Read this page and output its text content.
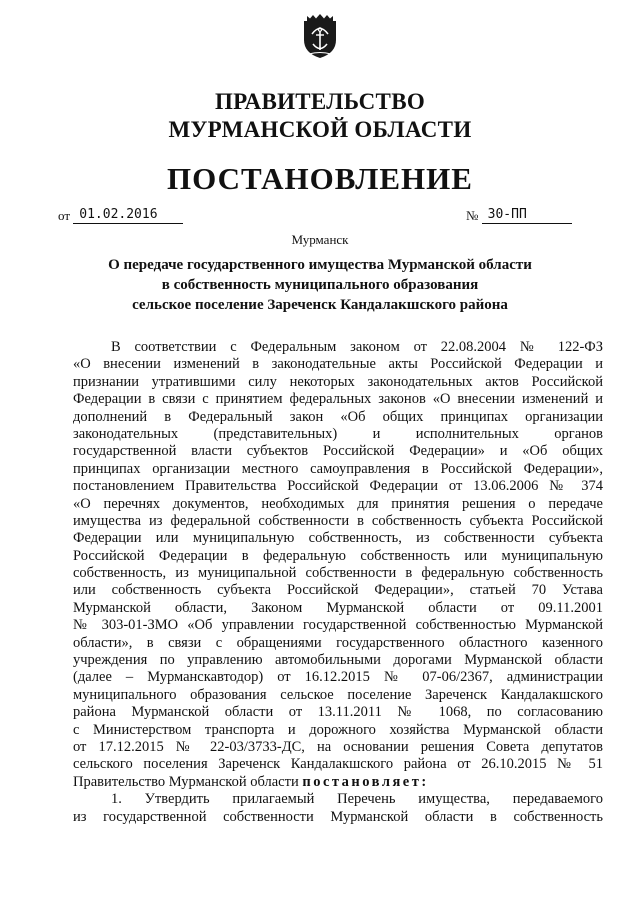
ПРАВИТЕЛЬСТВО
МУРМАНСКОЙ ОБЛАСТИ
ПОСТАНОВЛЕНИЕ
от 01.02.2016	№ 30-ПП
Мурманск
О передаче государственного имущества Мурманской области
в собственность муниципального образования
сельское поселение Зареченск Кандалакшского района
В соответствии с Федеральным законом от 22.08.2004 № 122-ФЗ
«О внесении изменений в законодательные акты Российской Федерации и
признании утратившими силу некоторых законодательных актов Российской
Федерации в связи с принятием федеральных законов «О внесении изменений и
дополнений в Федеральный закон «Об общих принципах организации
законодательных (представительных) и исполнительных органов
государственной власти субъектов Российской Федерации» и «Об общих
принципах организации местного самоуправления в Российской Федерации»,
постановлением Правительства Российской Федерации от 13.06.2006 № 374
«О перечнях документов, необходимых для принятия решения о передаче
имущества из федеральной собственности в собственность субъекта Российской
Федерации или муниципальную собственность, из собственности субъекта
Российской Федерации в федеральную собственность или муниципальную
собственность, из муниципальной собственности в федеральную собственность
или собственность субъекта Российской Федерации», статьей 70 Устава
Мурманской области, Законом Мурманской области от 09.11.2001
№ 303-01-ЗМО «Об управлении государственной собственностью Мурманской
области», в связи с обращениями государственного областного казенного
учреждения по управлению автомобильными дорогами Мурманской области
(далее – Мурманскавтодор) от 16.12.2015 № 07-06/2367, администрации
муниципального образования сельское поселение Зареченск Кандалакшского
района Мурманской области от 13.11.2011 № 1068, по согласованию
с Министерством транспорта и дорожного хозяйства Мурманской области
от 17.12.2015 № 22-03/3733-ДС, на основании решения Совета депутатов
сельского поселения Зареченск Кандалакшского района от 26.10.2015 № 51
Правительство Мурманской области постановляет:
1. Утвердить прилагаемый Перечень имущества, передаваемого
из государственной собственности Мурманской области в собственность
